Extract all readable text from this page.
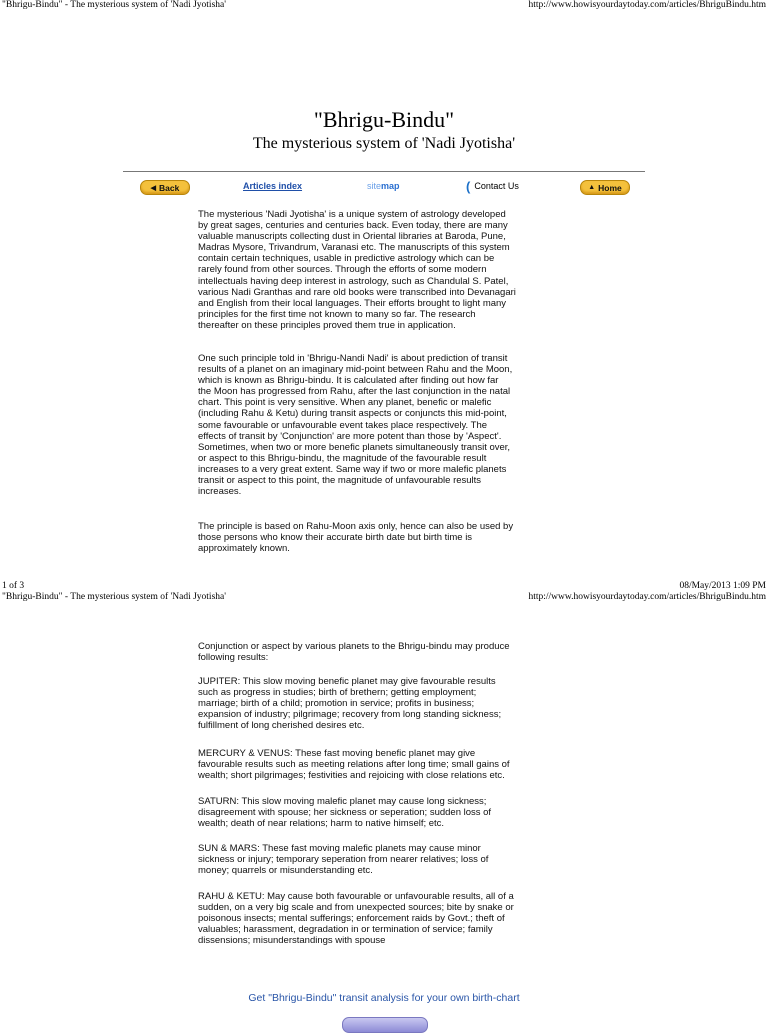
"Bhrigu-Bindu" - The mysterious system of 'Nadi Jyotisha'	http://www.howisyourdaytoday.com/articles/BhriguBindu.htm
"Bhrigu-Bindu"
The mysterious system of 'Nadi Jyotisha'
◀ Back	Articles index	sitemap	( Contact Us	▲ Home

The mysterious 'Nadi Jyotisha' is a unique system of astrology developed
by great sages, centuries and centuries back. Even today, there are many
valuable manuscripts collecting dust in Oriental libraries at Baroda, Pune,
Madras Mysore, Trivandrum, Varanasi etc. The manuscripts of this system
contain certain techniques, usable in predictive astrology which can be
rarely found from other sources. Through the efforts of some modern
intellectuals having deep interest in astrology, such as Chandulal S. Patel,
various Nadi Granthas and rare old books were transcribed into Devanagari
and English from their local languages. Their efforts brought to light many
principles for the first time not known to many so far. The research
thereafter on these principles proved them true in application.

One such principle told in 'Bhrigu-Nandi Nadi' is about prediction of transit
results of a planet on an imaginary mid-point between Rahu and the Moon,
which is known as Bhrigu-bindu. It is calculated after finding out how far
the Moon has progressed from Rahu, after the last conjunction in the natal
chart. This point is very sensitive. When any planet, benefic or malefic
(including Rahu & Ketu) during transit aspects or conjuncts this mid-point,
some favourable or unfavourable event takes place respectively. The
effects of transit by 'Conjunction' are more potent than those by 'Aspect'.
Sometimes, when two or more benefic planets simultaneously transit over,
or aspect to this Bhrigu-bindu, the magnitude of the favourable result
increases to a very great extent. Same way if two or more malefic planets
transit or aspect to this point, the magnitude of unfavourable results
increases.

The principle is based on Rahu-Moon axis only, hence can also be used by
those persons who know their accurate birth date but birth time is
approximately known.

1 of 3	08/May/2013 1:09 PM
"Bhrigu-Bindu" - The mysterious system of 'Nadi Jyotisha'	http://www.howisyourdaytoday.com/articles/BhriguBindu.htm

Conjunction or aspect by various planets to the Bhrigu-bindu may produce
following results:

JUPITER: This slow moving benefic planet may give favourable results
such as progress in studies; birth of brethern; getting employment;
marriage; birth of a child; promotion in service; profits in business;
expansion of industry; pilgrimage; recovery from long standing sickness;
fulfillment of long cherished desires etc.

MERCURY & VENUS: These fast moving benefic planet may give
favourable results such as meeting relations after long time; small gains of
wealth; short pilgrimages; festivities and rejoicing with close relations etc.

SATURN: This slow moving malefic planet may cause long sickness;
disagreement with spouse; her sickness or seperation; sudden loss of
wealth; death of near relations; harm to native himself; etc.

SUN & MARS: These fast moving malefic planets may cause minor
sickness or injury; temporary seperation from nearer relatives; loss of
money; quarrels or misunderstanding etc.

RAHU & KETU: May cause both favourable or unfavourable results, all of a
sudden, on a very big scale and from unexpected sources; bite by snake or
poisonous insects; mental sufferings; enforcement raids by Govt.; theft of
valuables; harassment, degradation in or termination of service; family
dissensions; misunderstandings with spouse

Get "Bhrigu-Bindu" transit analysis for your own birth-chart
